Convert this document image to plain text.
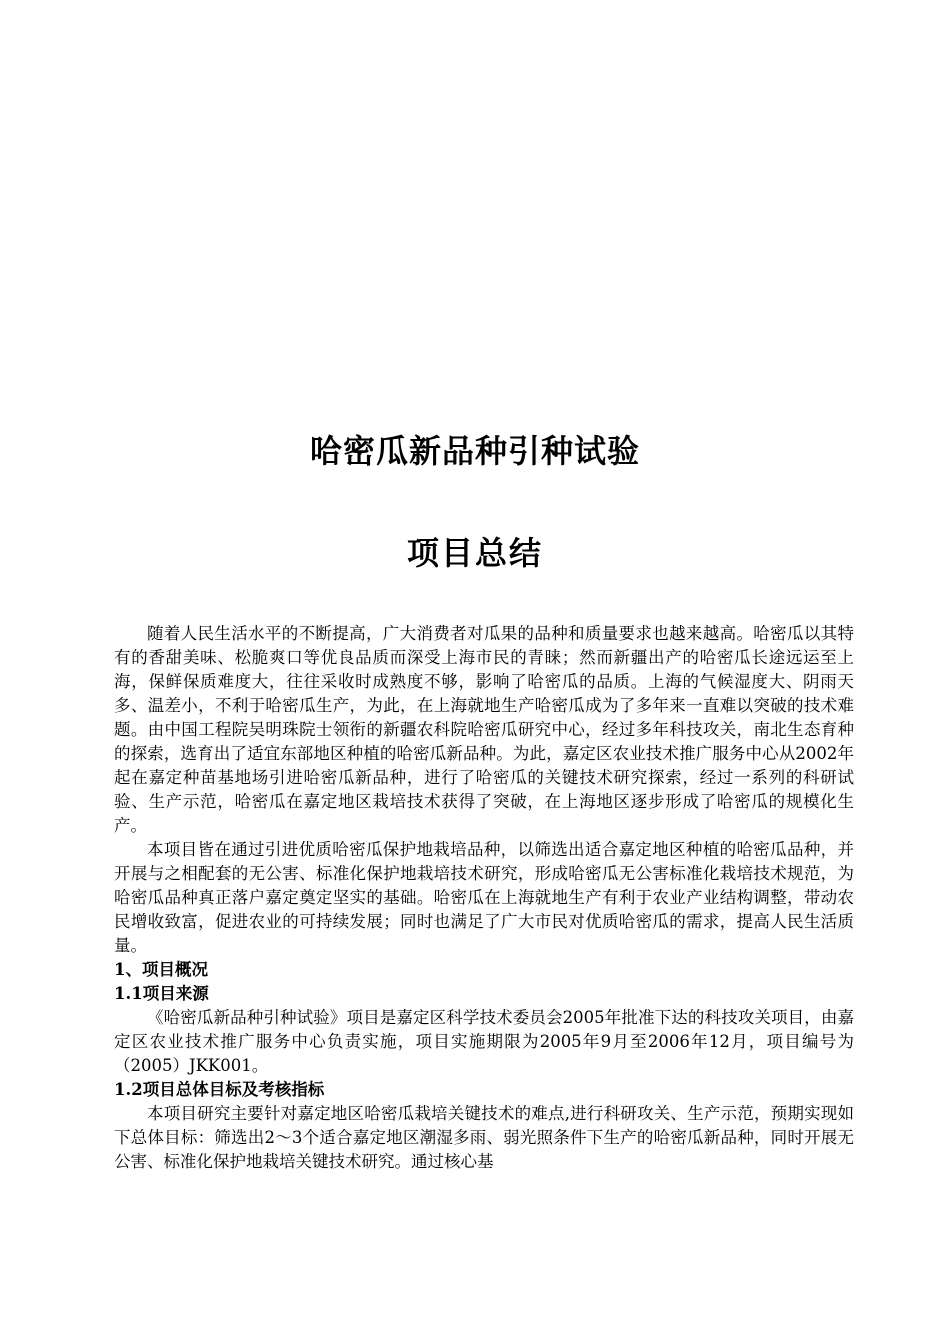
哈密瓜新品种引种试验
项目总结

随着人民生活水平的不断提高，广大消费者对瓜果的品种和质量要求也越来越高。哈密瓜以其特有的香甜美味、松脆爽口等优良品质而深受上海市民的青睐；然而新疆出产的哈密瓜长途远运至上海，保鲜保质难度大，往往采收时成熟度不够，影响了哈密瓜的品质。上海的气候湿度大、阴雨天多、温差小，不利于哈密瓜生产，为此，在上海就地生产哈密瓜成为了多年来一直难以突破的技术难题。由中国工程院吴明珠院士领衔的新疆农科院哈密瓜研究中心，经过多年科技攻关，南北生态育种的探索，选育出了适宜东部地区种植的哈密瓜新品种。为此，嘉定区农业技术推广服务中心从2002年起在嘉定种苗基地场引进哈密瓜新品种，进行了哈密瓜的关键技术研究探索，经过一系列的科研试验、生产示范，哈密瓜在嘉定地区栽培技术获得了突破，在上海地区逐步形成了哈密瓜的规模化生产。

本项目皆在通过引进优质哈密瓜保护地栽培品种，以筛选出适合嘉定地区种植的哈密瓜品种，并开展与之相配套的无公害、标准化保护地栽培技术研究，形成哈密瓜无公害标准化栽培技术规范，为哈密瓜品种真正落户嘉定奠定坚实的基础。哈密瓜在上海就地生产有利于农业产业结构调整，带动农民增收致富，促进农业的可持续发展；同时也满足了广大市民对优质哈密瓜的需求，提高人民生活质量。

1、项目概况
1.1项目来源

《哈密瓜新品种引种试验》项目是嘉定区科学技术委员会2005年批准下达的科技攻关项目，由嘉定区农业技术推广服务中心负责实施，项目实施期限为2005年9月至2006年12月，项目编号为（2005）JKK001。

1.2项目总体目标及考核指标

本项目研究主要针对嘉定地区哈密瓜栽培关键技术的难点,进行科研攻关、生产示范，预期实现如下总体目标：筛选出2～3个适合嘉定地区潮湿多雨、弱光照条件下生产的哈密瓜新品种，同时开展无公害、标准化保护地栽培关键技术研究。通过核心基
